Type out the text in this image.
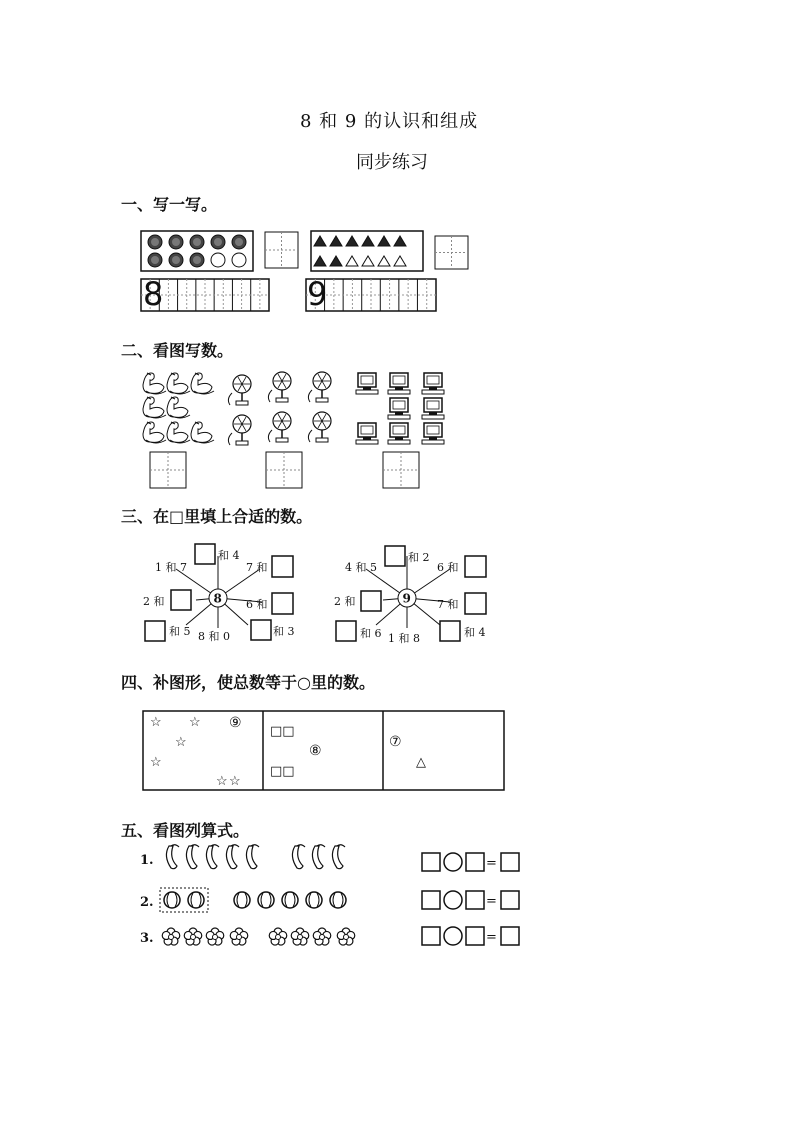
8 和 9 的认识和组成
同步练习
一、写一写。
二、看图写数。
三、在□里填上合适的数。
四、补图形，使总数等于○里的数。
五、看图列算式。
8	9
8
1 和 7
和 4
7 和
2 和	6 和
和 5 8 和 0	和 3
9
4 和 5
和 2
6 和
2 和	7 和
和 6 1 和 8	和 4
☆ ☆ ⑨
☆
☆
☆ ☆
□□
⑧
□□
⑦
△
1.
2.
3.
=
=
=
